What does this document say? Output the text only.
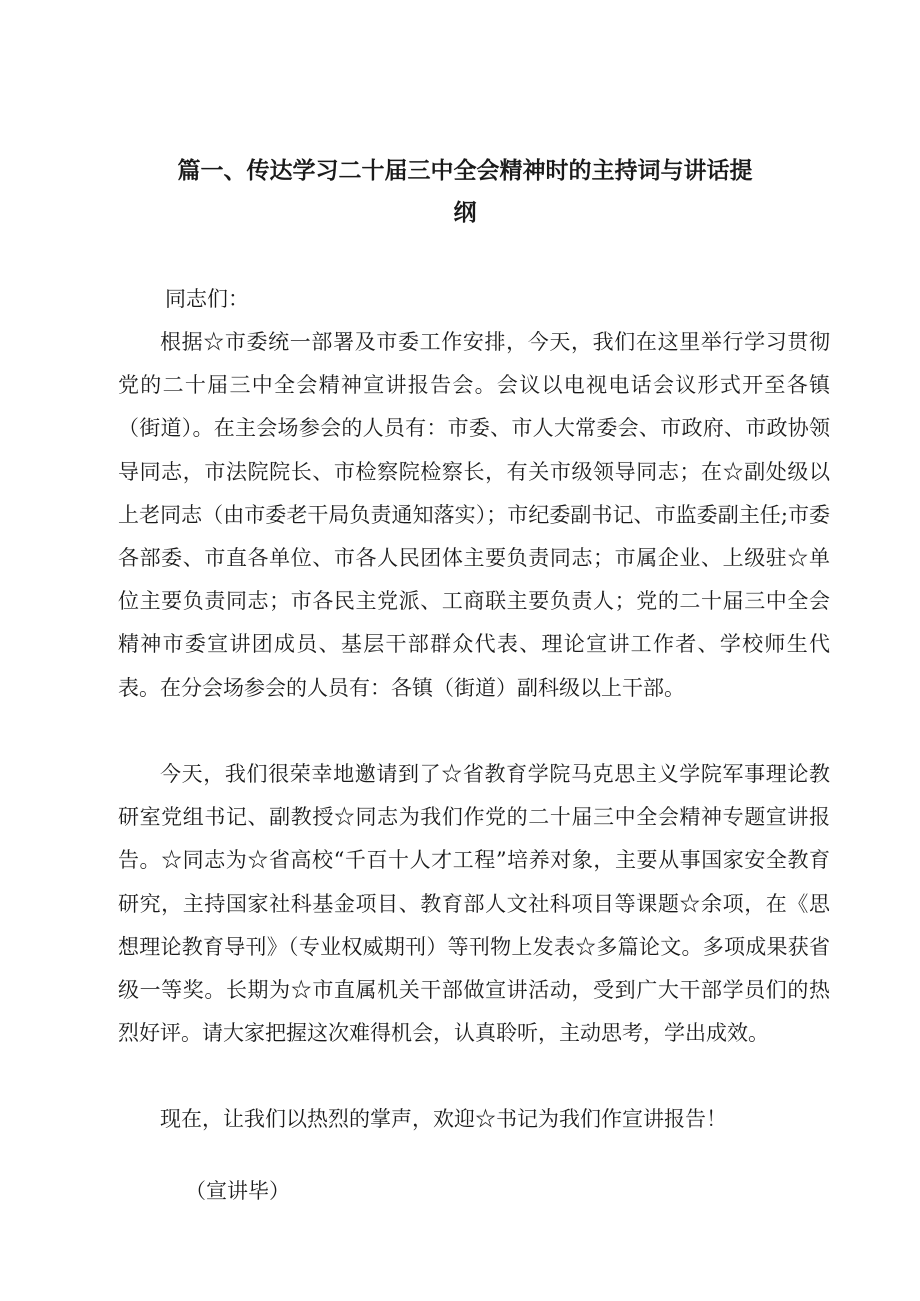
篇一、传达学习二十届三中全会精神时的主持词与讲话提
纲
同志们：

根据☆市委统一部署及市委工作安排，今天，我们在这里举行学习贯彻党的二十届三中全会精神宣讲报告会。会议以电视电话会议形式开至各镇（街道）。在主会场参会的人员有：市委、市人大常委会、市政府、市政协领导同志，市法院院长、市检察院检察长，有关市级领导同志；在☆副处级以上老同志（由市委老干局负责通知落实）；市纪委副书记、市监委副主任;市委各部委、市直各单位、市各人民团体主要负责同志；市属企业、上级驻☆单位主要负责同志；市各民主党派、工商联主要负责人；党的二十届三中全会精神市委宣讲团成员、基层干部群众代表、理论宣讲工作者、学校师生代表。在分会场参会的人员有：各镇（街道）副科级以上干部。

今天，我们很荣幸地邀请到了☆省教育学院马克思主义学院军事理论教研室党组书记、副教授☆同志为我们作党的二十届三中全会精神专题宣讲报告。☆同志为☆省高校“千百十人才工程”培养对象，主要从事国家安全教育研究，主持国家社科基金项目、教育部人文社科项目等课题☆余项，在《思想理论教育导刊》（专业权威期刊）等刊物上发表☆多篇论文。多项成果获省级一等奖。长期为☆市直属机关干部做宣讲活动，受到广大干部学员们的热烈好评。请大家把握这次难得机会，认真聆听，主动思考，学出成效。

现在，让我们以热烈的掌声，欢迎☆书记为我们作宣讲报告！

（宣讲毕）
